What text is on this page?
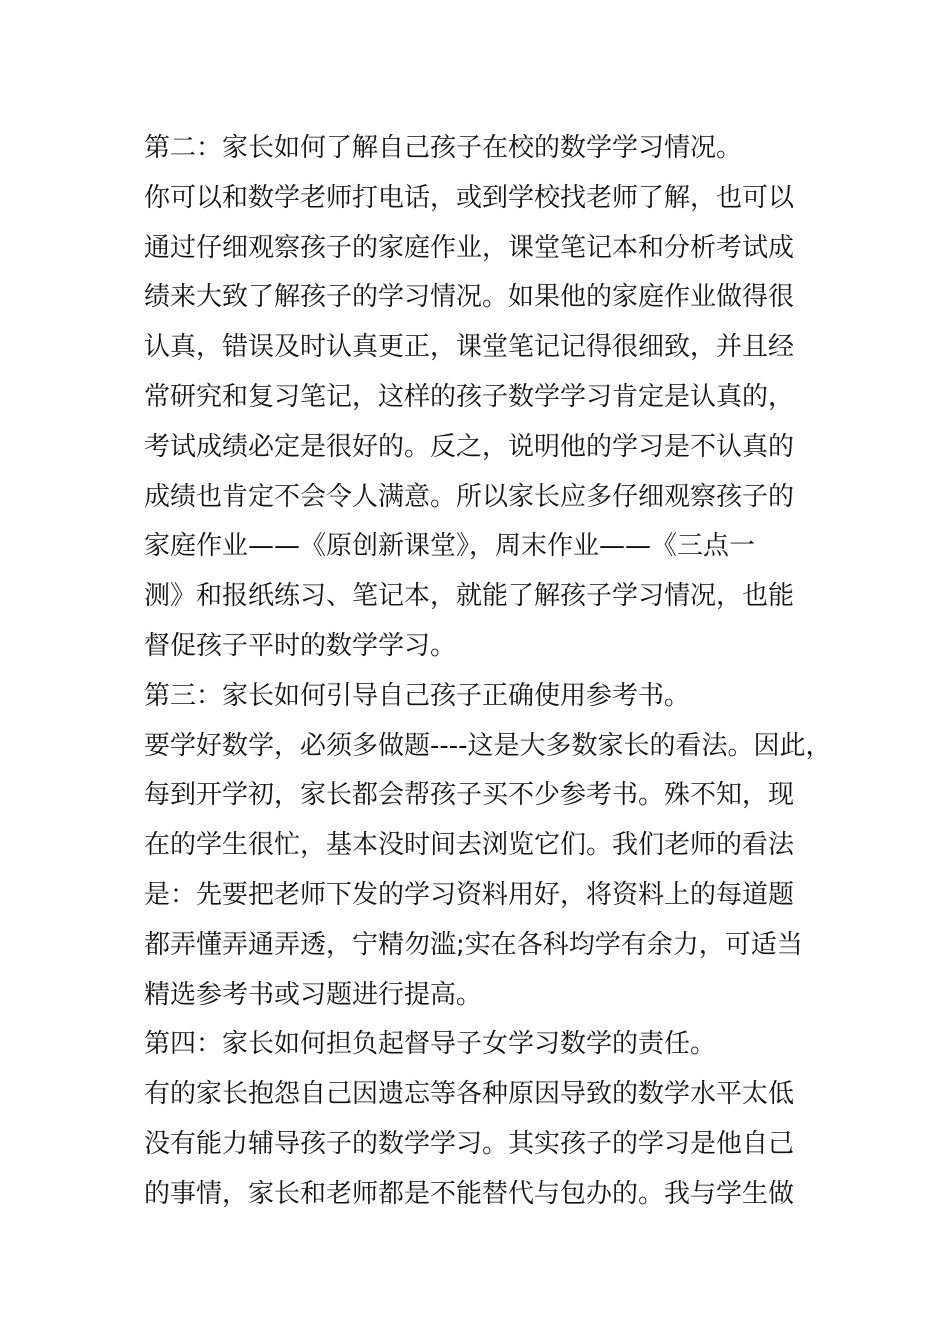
第二：家长如何了解自己孩子在校的数学学习情况。
你可以和数学老师打电话，或到学校找老师了解，也可以
通过仔细观察孩子的家庭作业，课堂笔记本和分析考试成
绩来大致了解孩子的学习情况。如果他的家庭作业做得很
认真，错误及时认真更正，课堂笔记记得很细致，并且经
常研究和复习笔记，这样的孩子数学学习肯定是认真的，
考试成绩必定是很好的。反之，说明他的学习是不认真的
成绩也肯定不会令人满意。所以家长应多仔细观察孩子的
家庭作业——《原创新课堂》，周末作业——《三点一
测》和报纸练习、笔记本，就能了解孩子学习情况，也能
督促孩子平时的数学学习。
第三：家长如何引导自己孩子正确使用参考书。
要学好数学，必须多做题----这是大多数家长的看法。因此，
每到开学初，家长都会帮孩子买不少参考书。殊不知，现
在的学生很忙，基本没时间去浏览它们。我们老师的看法
是：先要把老师下发的学习资料用好，将资料上的每道题
都弄懂弄通弄透，宁精勿滥;实在各科均学有余力，可适当
精选参考书或习题进行提高。
第四：家长如何担负起督导子女学习数学的责任。
有的家长抱怨自己因遗忘等各种原因导致的数学水平太低
没有能力辅导孩子的数学学习。其实孩子的学习是他自己
的事情，家长和老师都是不能替代与包办的。我与学生做
